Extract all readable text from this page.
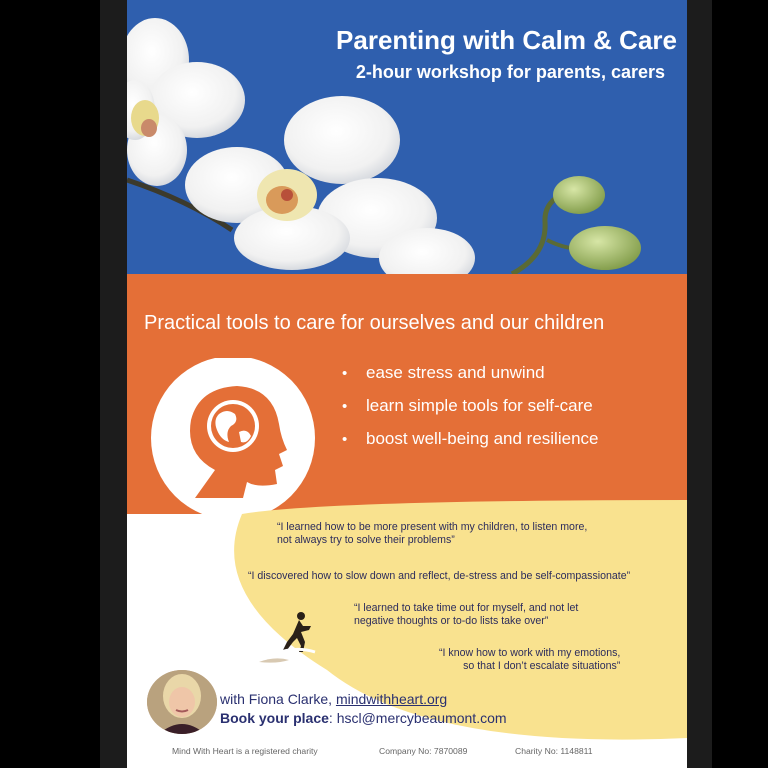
Parenting with Calm & Care

2-hour workshop for parents, carers

Practical tools to care for ourselves and our children

• ease stress and unwind
• learn simple tools for self-care
• boost well-being and resilience

“I learned how to be more present with my children, to listen more,
not always try to solve their problems”

“I discovered how to slow down and reflect, de-stress and be self-compassionate”

“I learned to take time out for myself, and not let
negative thoughts or to-do lists take over”

“I know how to work with my emotions,
so that I don’t escalate situations”

with Fiona Clarke, mindwithheart.org

Book your place: hscl@mercybeaumont.com

Mind With Heart is a registered charity	Company No: 7870089	Charity No: 1148811
